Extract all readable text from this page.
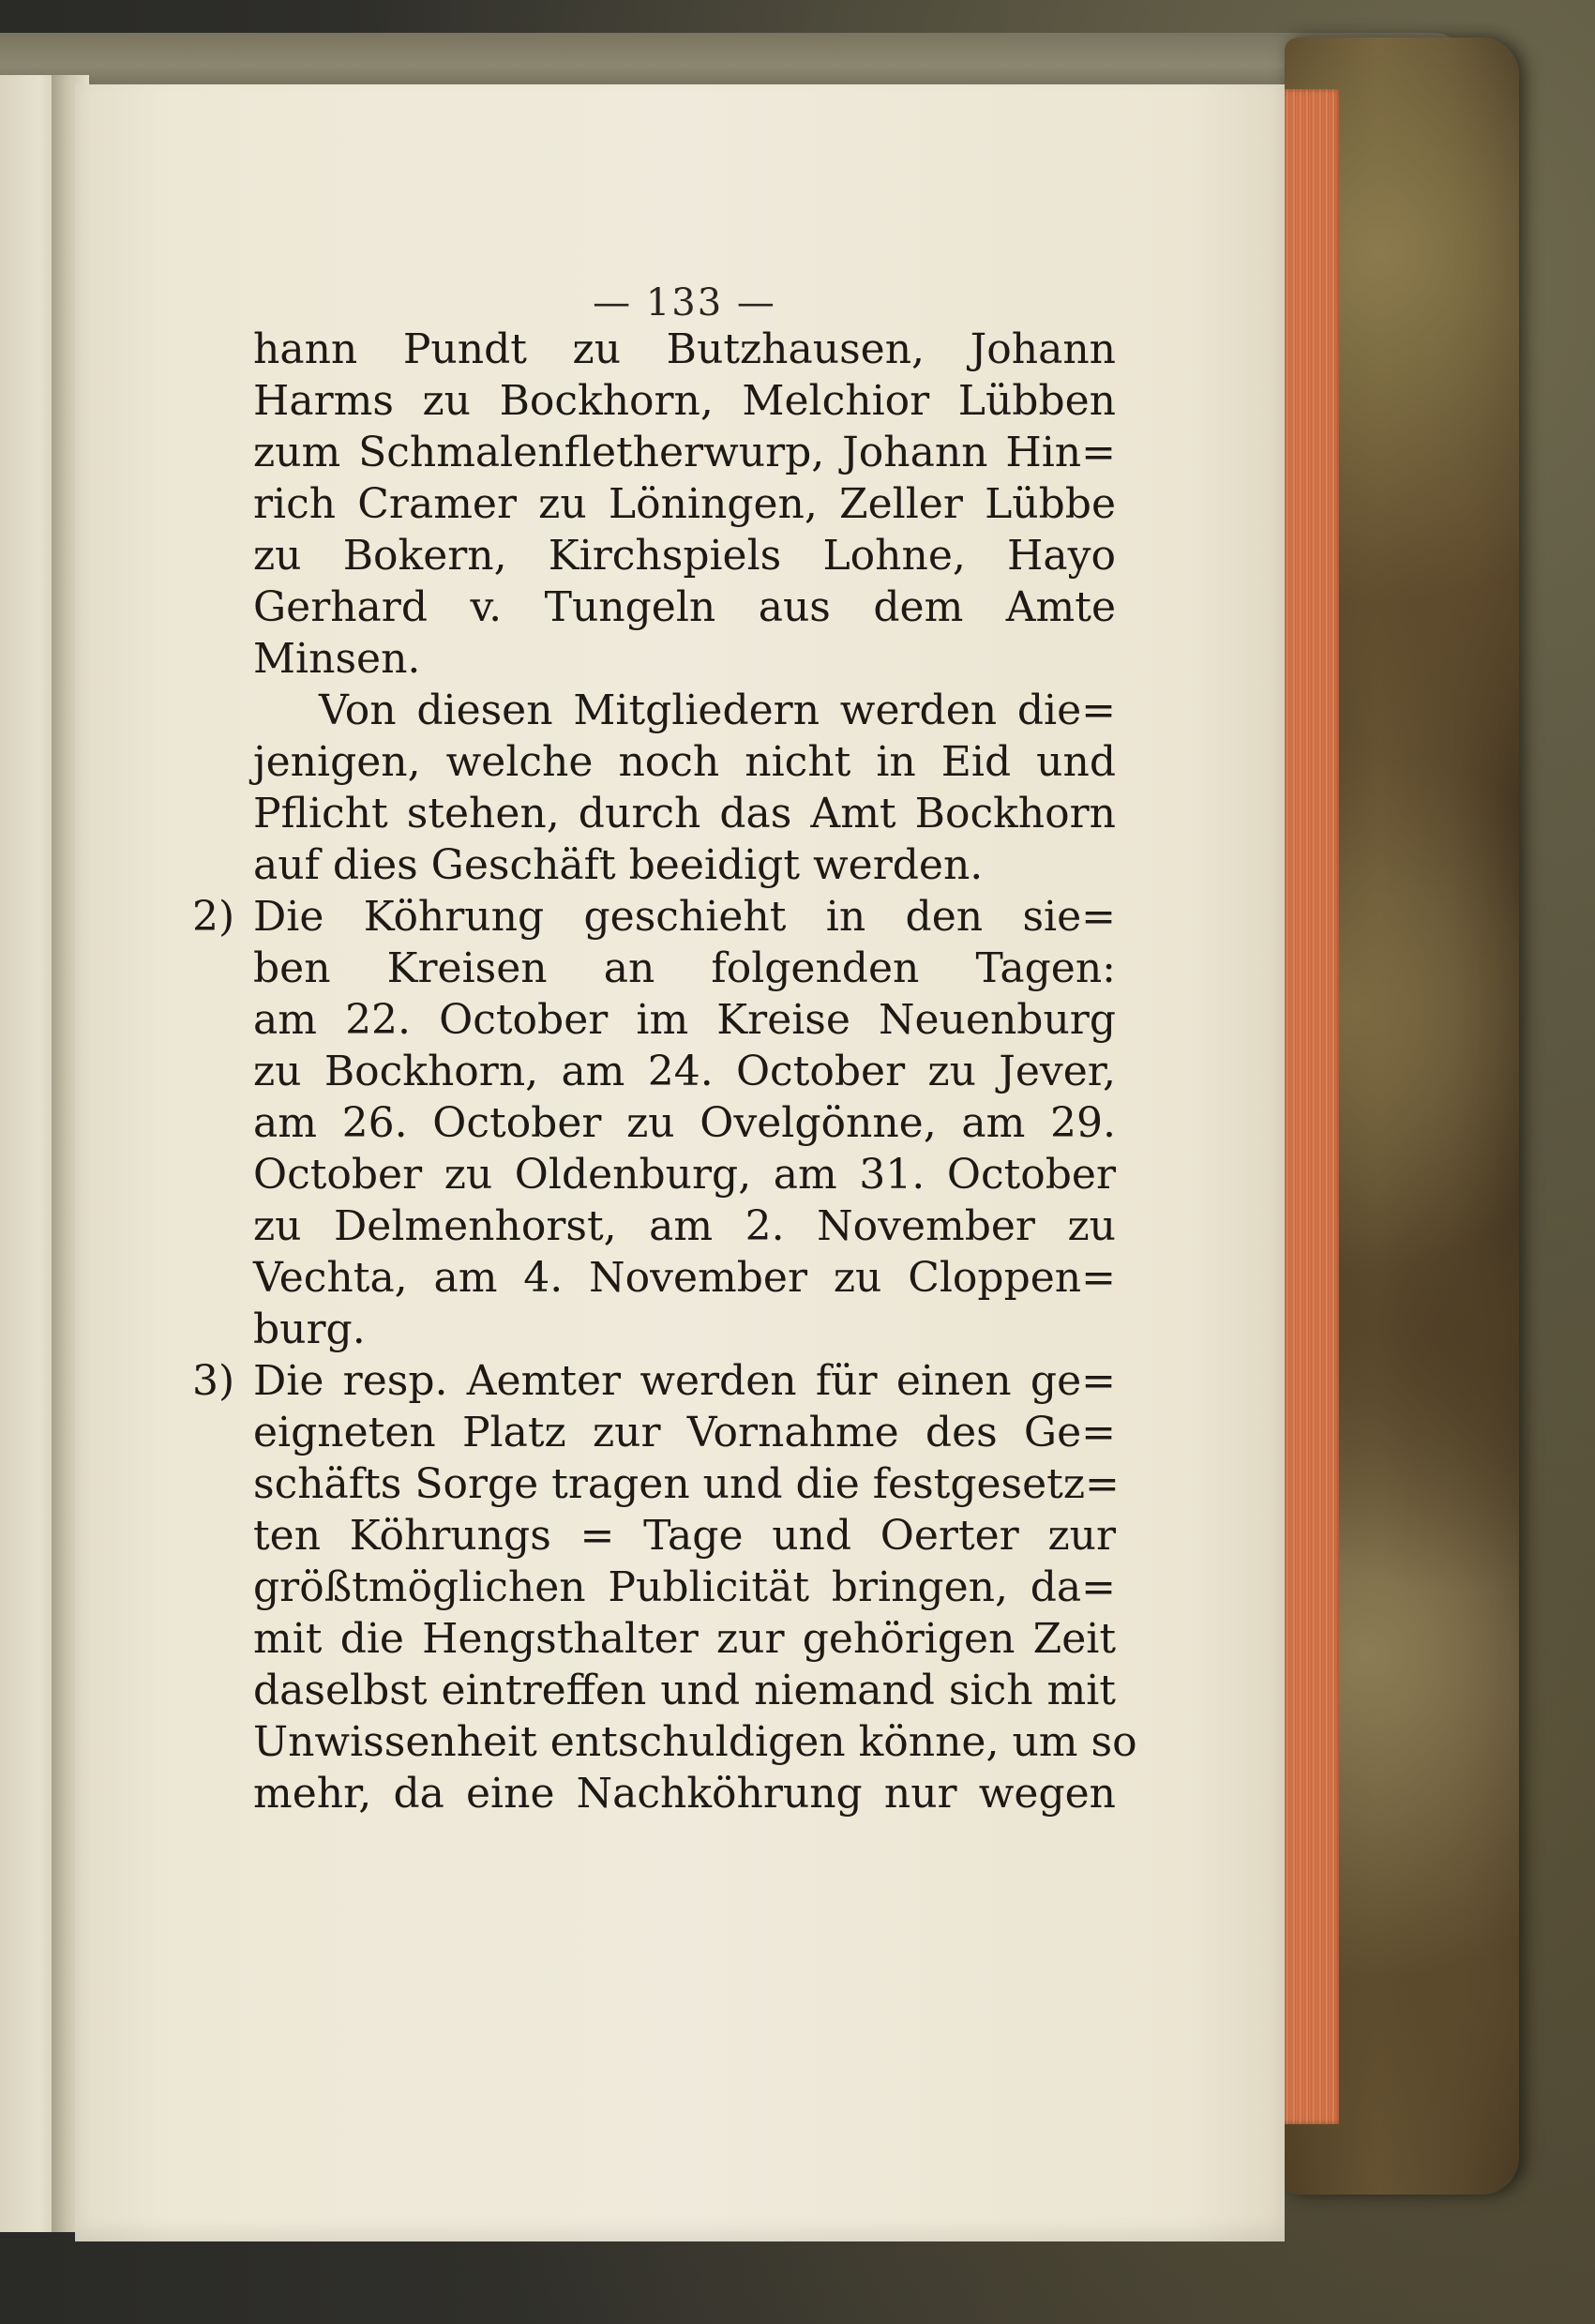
— 133 —
hann Pundt zu Butzhausen, Johann
Harms zu Bockhorn, Melchior Lübben
zum Schmalenfletherwurp, Johann Hin=
rich Cramer zu Löningen, Zeller Lübbe
zu Bokern, Kirchspiels Lohne, Hayo
Gerhard v. Tungeln aus dem Amte
Minsen.
Von diesen Mitgliedern werden die=
jenigen, welche noch nicht in Eid und
Pflicht stehen, durch das Amt Bockhorn
auf dies Geschäft beeidigt werden.
2) Die Köhrung geschieht in den sie=
ben Kreisen an folgenden Tagen:
am 22. October im Kreise Neuenburg
zu Bockhorn, am 24. October zu Jever,
am 26. October zu Ovelgönne, am 29.
October zu Oldenburg, am 31. October
zu Delmenhorst, am 2. November zu
Vechta, am 4. November zu Cloppen=
burg.
3) Die resp. Aemter werden für einen ge=
eigneten Platz zur Vornahme des Ge=
schäfts Sorge tragen und die festgesetz=
ten Köhrungs = Tage und Oerter zur
größtmöglichen Publicität bringen, da=
mit die Hengsthalter zur gehörigen Zeit
daselbst eintreffen und niemand sich mit
Unwissenheit entschuldigen könne, um so
mehr, da eine Nachköhrung nur wegen
